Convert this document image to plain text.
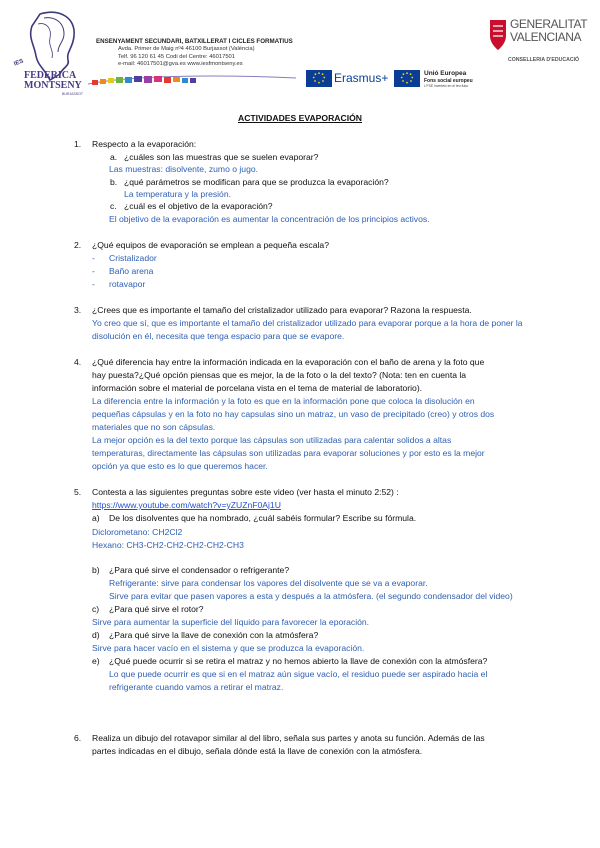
IES
FEDERICA
MONTSENY
BURJASSOT
ENSENYAMENT SECUNDARI, BATXILLERAT I CICLES FORMATIUS
Avda. Primer de Maig nº4 46100 Burjassot (València)
Telf. 96 120 61 45 Codi del Centre: 46017501
e-mail: 46017501@gva.es www.iesfmontseny.es
Erasmus+	Unió Europea
Fons social europeu
L'FSE inverteix en el teu futur
GENERALITAT
VALENCIANA
CONSELLERIA D'EDUCACIÓ
ACTIVIDADES EVAPORACIÓN
1. Respecto a la evaporación:
a. ¿cuáles son las muestras que se suelen evaporar?
Las muestras: disolvente, zumo o jugo.
b. ¿qué parámetros se modifican para que se produzca la evaporación?
La temperatura y la presión.
c. ¿cuál es el objetivo de la evaporación?
El objetivo de la evaporación es aumentar la concentración de los principios activos.
2. ¿Qué equipos de evaporación se emplean a pequeña escala?
- Cristalizador
- Baño arena
- rotavapor
3. ¿Crees que es importante el tamaño del cristalizador utilizado para evaporar? Razona la respuesta.
Yo creo que sí, que es importante el tamaño del cristalizador utilizado para evaporar porque a la hora de poner la
disolución en él, necesita que tenga espacio para que se evapore.
4. ¿Qué diferencia hay entre la información indicada en la evaporación con el baño de arena y la foto que
hay puesta?¿Qué opción piensas que es mejor, la de la foto o la del texto? (Nota: ten en cuenta la
información sobre el material de porcelana vista en el tema de material de laboratorio).
La diferencia entre la información y la foto es que en la información pone que coloca la disolución en
pequeñas cápsulas y en la foto no hay capsulas sino un matraz, un vaso de precipitado (creo) y otros dos
materiales que no son cápsulas.
La mejor opción es la del texto porque las cápsulas son utilizadas para calentar solidos a altas
temperaturas, directamente las cápsulas son utilizadas para evaporar soluciones y por esto es la mejor
opción ya que esto es lo que queremos hacer.
5. Contesta a las siguientes preguntas sobre este video (ver hasta el minuto 2:52) :
https://www.youtube.com/watch?v=yZUZnF0Aj1U
a) De los disolventes que ha nombrado, ¿cuál sabéis formular? Escribe su fórmula.
Diclorometano: CH2Cl2
Hexano: CH3-CH2-CH2-CH2-CH2-CH3
b) ¿Para qué sirve el condensador o refrigerante?
Refrigerante: sirve para condensar los vapores del disolvente que se va a evaporar.
Sirve para evitar que pasen vapores a esta y después a la atmósfera. (el segundo condensador del video)
c) ¿Para qué sirve el rotor?
Sirve para aumentar la superficie del líquido para favorecer la eporación.
d) ¿Para qué sirve la llave de conexión con la atmósfera?
Sirve para hacer vacío en el sistema y que se produzca la evaporación.
e) ¿Qué puede ocurrir si se retira el matraz y no hemos abierto la llave de conexión con la atmósfera?
Lo que puede ocurrir es que si en el matraz aún sigue vacío, el residuo puede ser aspirado hacia el
refrigerante cuando vamos a retirar el matraz.
6. Realiza un dibujo del rotavapor similar al del libro, señala sus partes y anota su función. Además de las
partes indicadas en el dibujo, señala dónde está la llave de conexión con la atmósfera.
